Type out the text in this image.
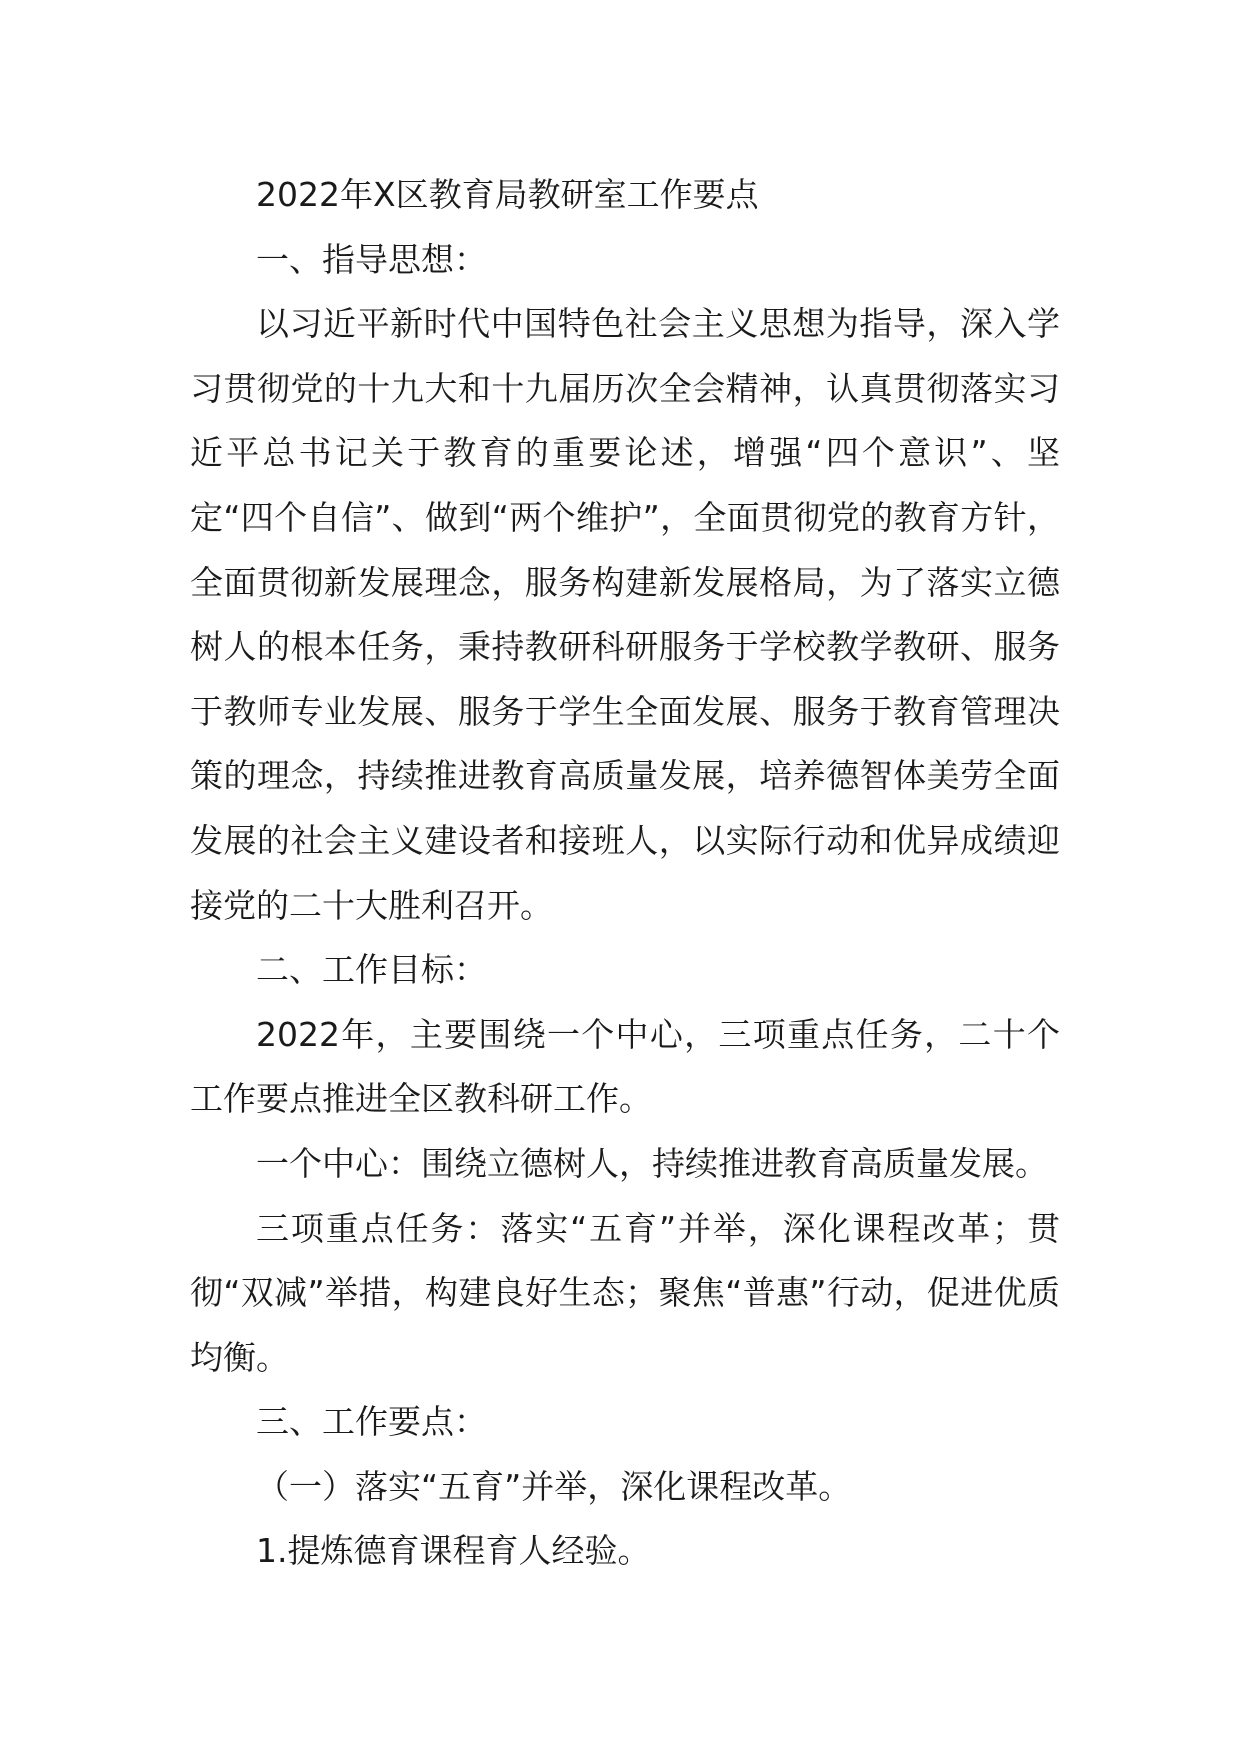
2022年X区教育局教研室工作要点

一、指导思想：

以习近平新时代中国特色社会主义思想为指导，深入学习贯彻党的十九大和十九届历次全会精神，认真贯彻落实习近平总书记关于教育的重要论述，增强“四个意识”、坚定“四个自信”、做到“两个维护”，全面贯彻党的教育方针，全面贯彻新发展理念，服务构建新发展格局，为了落实立德树人的根本任务，秉持教研科研服务于学校教学教研、服务于教师专业发展、服务于学生全面发展、服务于教育管理决策的理念，持续推进教育高质量发展，培养德智体美劳全面发展的社会主义建设者和接班人，以实际行动和优异成绩迎接党的二十大胜利召开。

二、工作目标：

2022年，主要围绕一个中心，三项重点任务，二十个工作要点推进全区教科研工作。

一个中心：围绕立德树人，持续推进教育高质量发展。

三项重点任务：落实“五育”并举，深化课程改革；贯彻“双减”举措，构建良好生态；聚焦“普惠”行动，促进优质均衡。

三、工作要点：

（一）落实“五育”并举，深化课程改革。

1.提炼德育课程育人经验。
